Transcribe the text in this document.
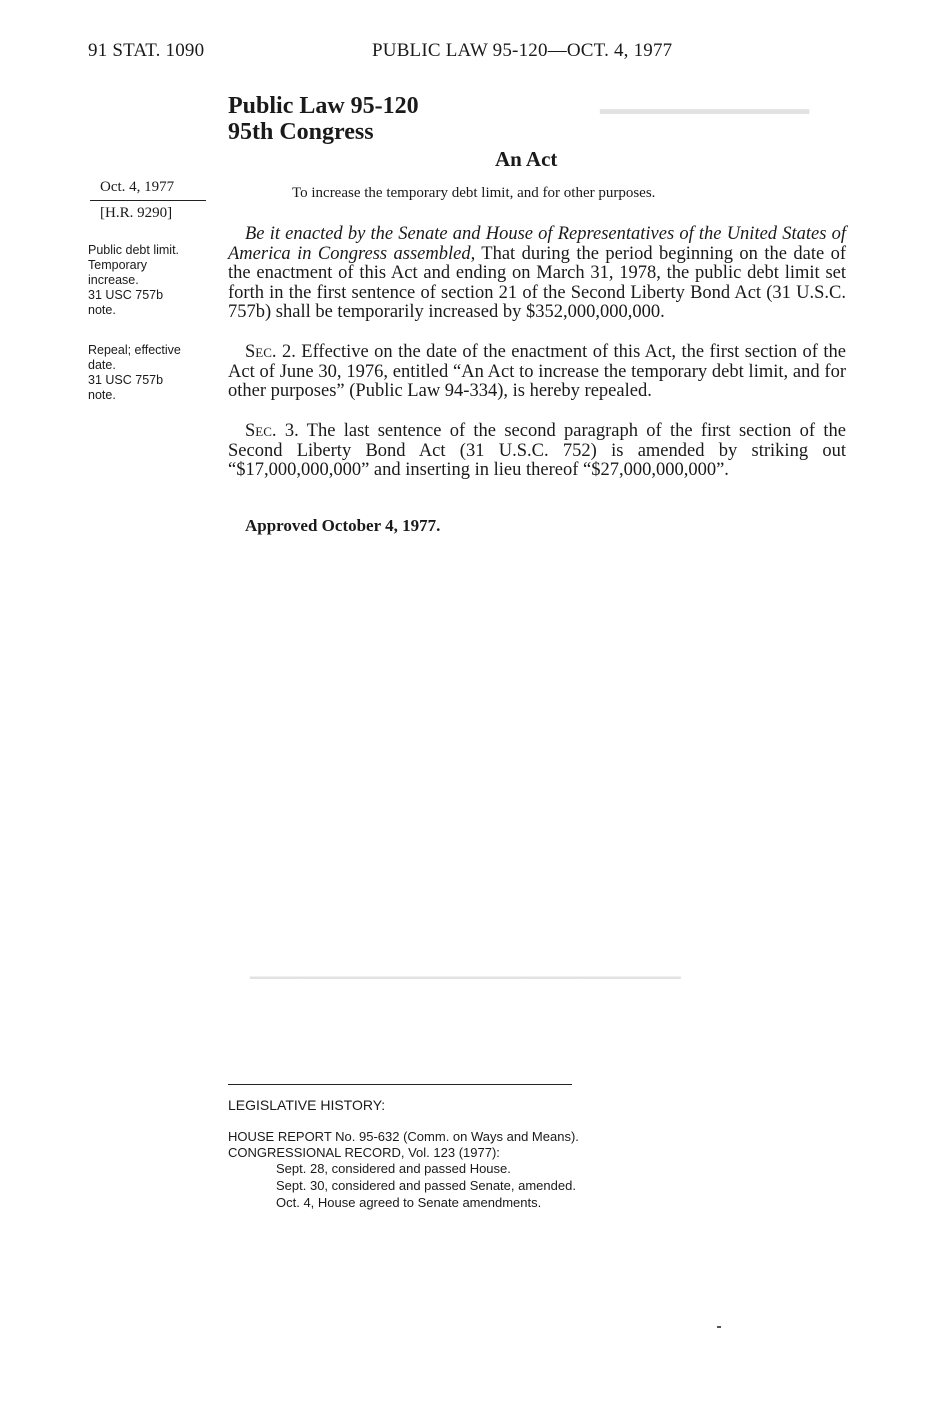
91 STAT. 1090	PUBLIC LAW 95-120—OCT. 4, 1977
▂▂▂▂▂▂▂▂▂▂▂▂▂▂▂▂▂
▁▁▁▁▁▁▁▁▁▁▁▁▁▁▁▁▁▁▁▁▁▁▁▁▁▁▁▁▁▁▁▁▁▁▁
Public Law 95-120
95th Congress
An Act
To increase the temporary debt limit, and for other purposes.
Oct. 4, 1977
[H.R. 9290]
Public debt limit.
Temporary
increase.
31 USC 757b
note.
Repeal; effective
date.
31 USC 757b
note.
Be it enacted by the Senate and House of Representatives of the United States of America in Congress assembled, That during the period beginning on the date of the enactment of this Act and ending on March 31, 1978, the public debt limit set forth in the first sentence of section 21 of the Second Liberty Bond Act (31 U.S.C. 757b) shall be temporarily increased by $352,000,000,000.
Sec. 2. Effective on the date of the enactment of this Act, the first section of the Act of June 30, 1976, entitled “An Act to increase the temporary debt limit, and for other purposes” (Public Law 94-334), is hereby repealed.
Sec. 3. The last sentence of the second paragraph of the first section of the Second Liberty Bond Act (31 U.S.C. 752) is amended by striking out “$17,000,000,000” and inserting in lieu thereof “$27,000,000,000”.
Approved October 4, 1977.
LEGISLATIVE HISTORY:
HOUSE REPORT No. 95-632 (Comm. on Ways and Means).
CONGRESSIONAL RECORD, Vol. 123 (1977):
Sept. 28, considered and passed House.
Sept. 30, considered and passed Senate, amended.
Oct. 4, House agreed to Senate amendments.
